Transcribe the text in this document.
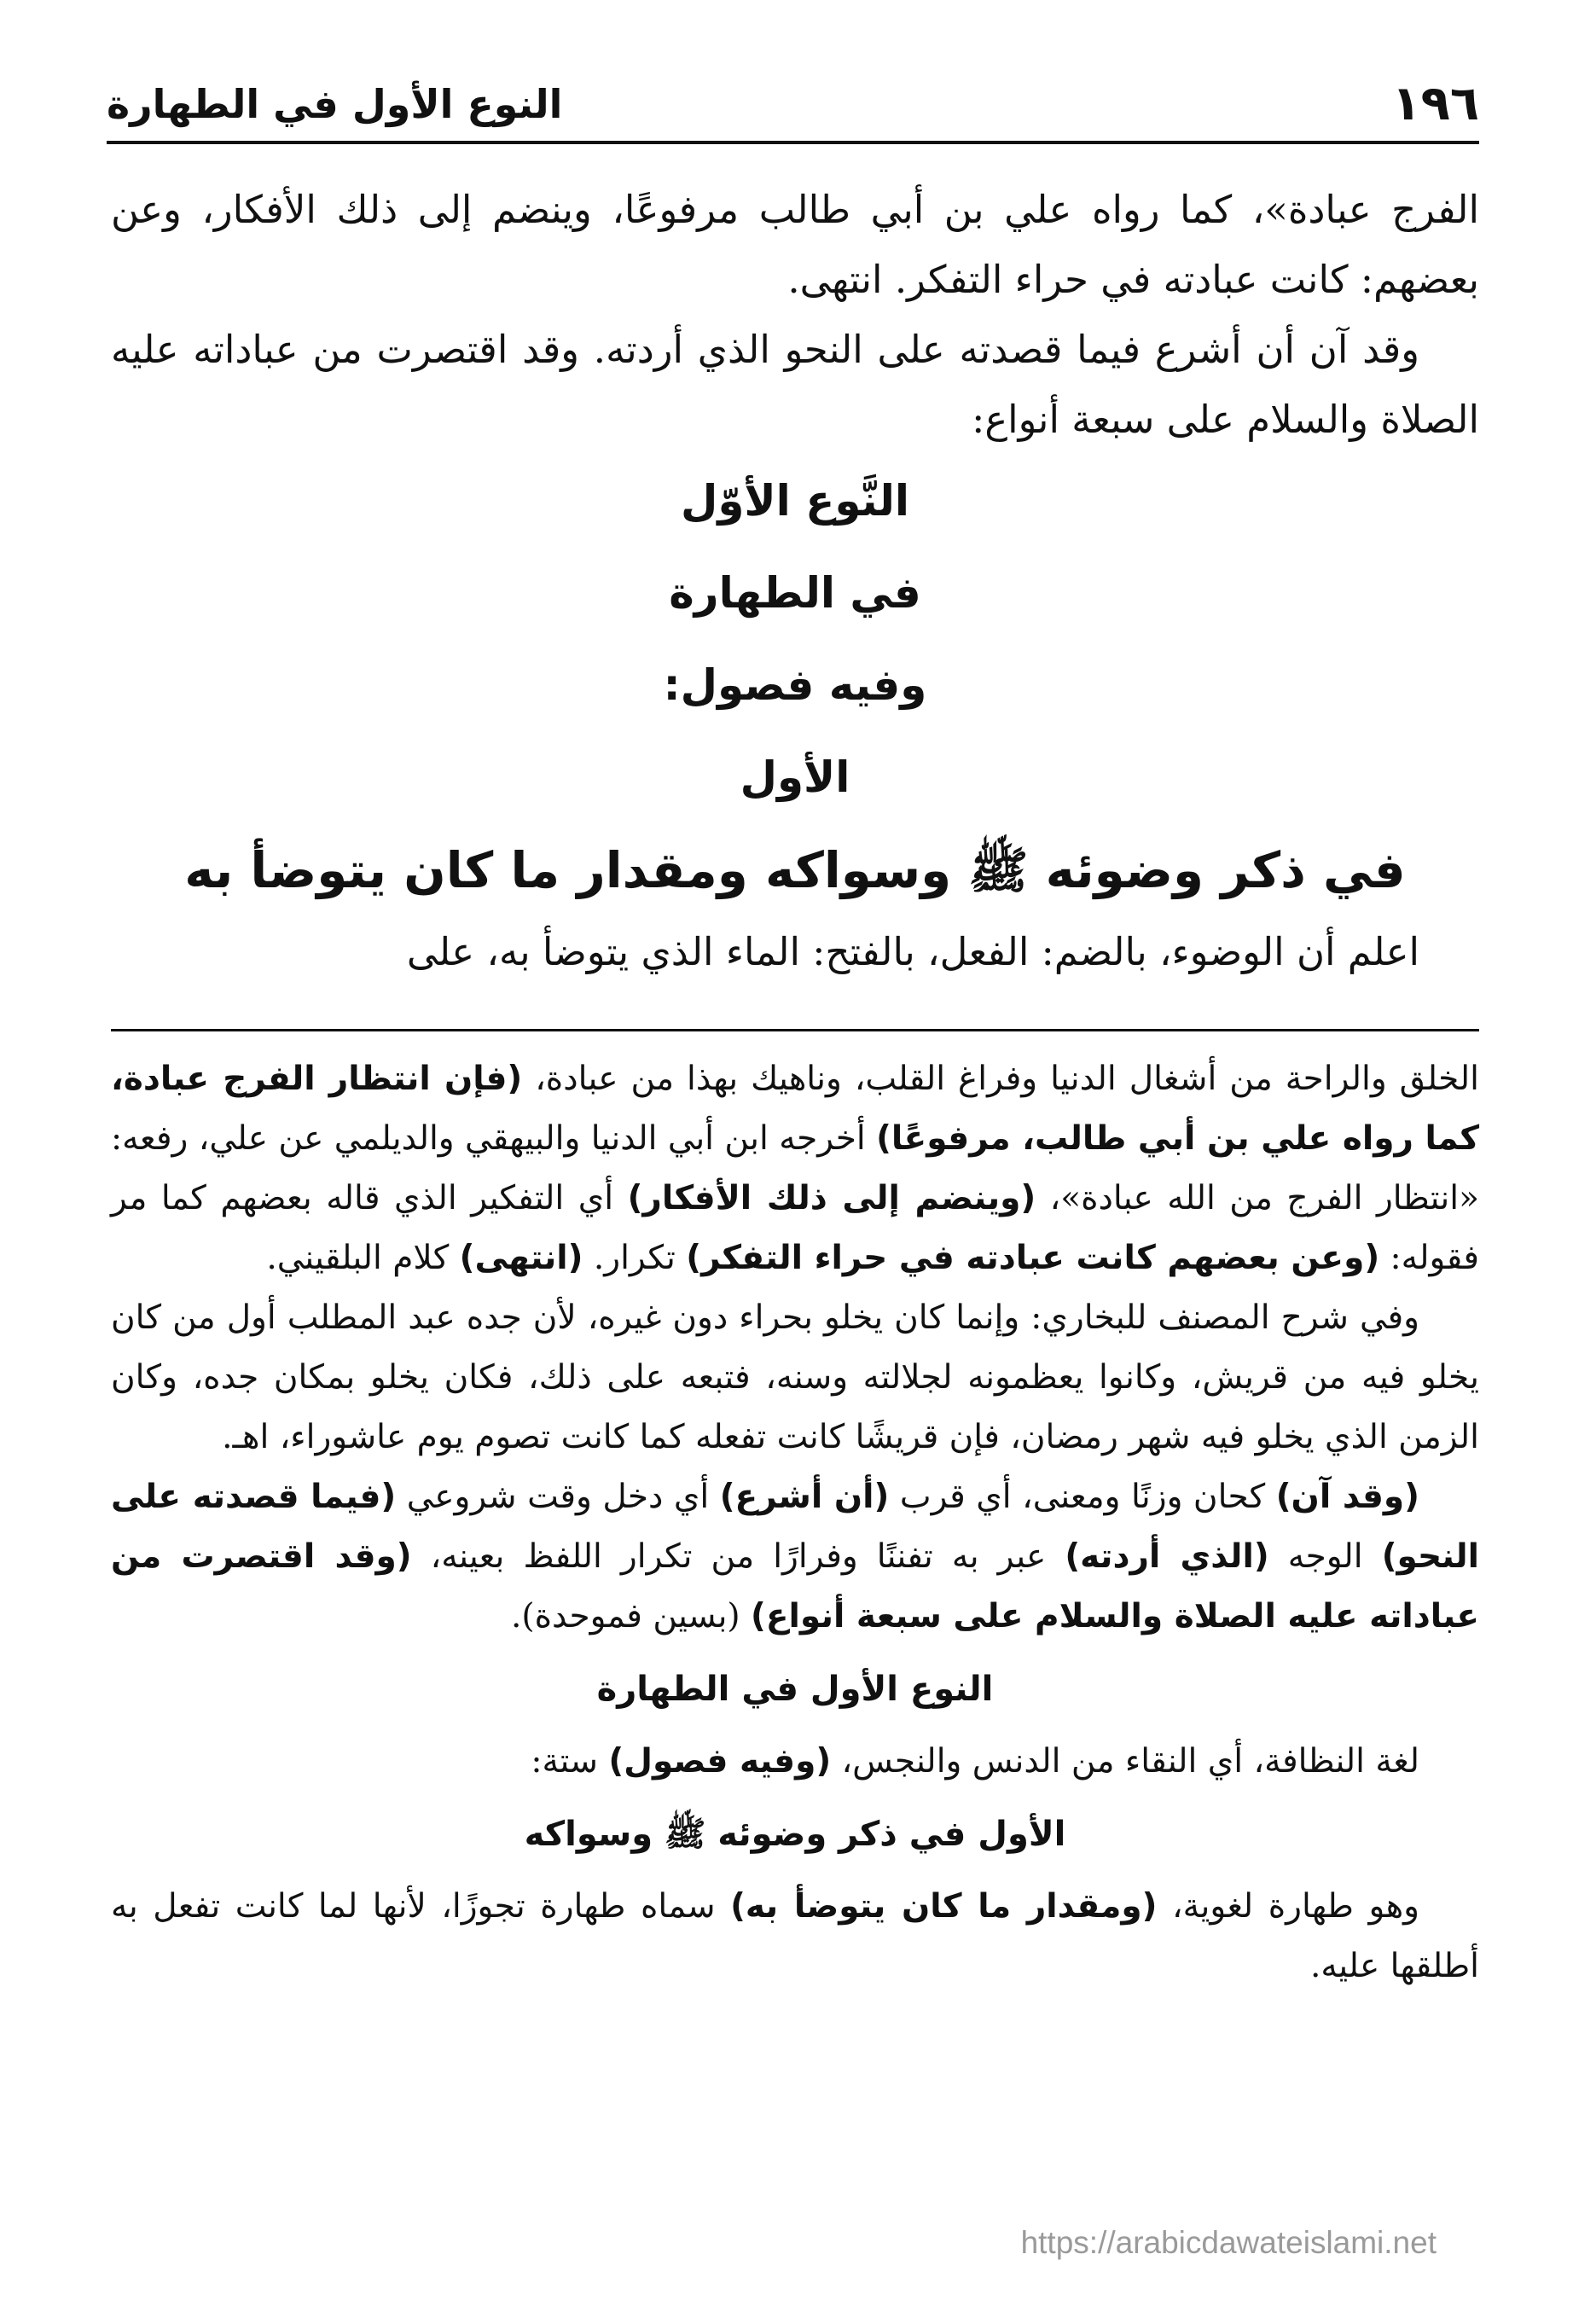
١٩٦
النوع الأول في الطهارة

الفرج عبادة»، كما رواه علي بن أبي طالب مرفوعًا، وينضم إلى ذلك الأفكار، وعن بعضهم: كانت عبادته في حراء التفكر. انتهى.

وقد آن أن أشرع فيما قصدته على النحو الذي أردته. وقد اقتصرت من عباداته عليه الصلاة والسلام على سبعة أنواع:

النَّوع الأوّل

في الطهارة

وفيه فصول:

الأول

في ذكر وضوئه ﷺ وسواكه ومقدار ما كان يتوضأ به

اعلم أن الوضوء، بالضم: الفعل، بالفتح: الماء الذي يتوضأ به، على

الخلق والراحة من أشغال الدنيا وفراغ القلب، وناهيك بهذا من عبادة، (فإن انتظار الفرج عبادة، كما رواه علي بن أبي طالب، مرفوعًا) أخرجه ابن أبي الدنيا والبيهقي والديلمي عن علي، رفعه: «انتظار الفرج من الله عبادة»، (وينضم إلى ذلك الأفكار) أي التفكير الذي قاله بعضهم كما مر فقوله: (وعن بعضهم كانت عبادته في حراء التفكر) تكرار. (انتهى) كلام البلقيني.

وفي شرح المصنف للبخاري: وإنما كان يخلو بحراء دون غيره، لأن جده عبد المطلب أول من كان يخلو فيه من قريش، وكانوا يعظمونه لجلالته وسنه، فتبعه على ذلك، فكان يخلو بمكان جده، وكان الزمن الذي يخلو فيه شهر رمضان، فإن قريشًا كانت تفعله كما كانت تصوم يوم عاشوراء، اهـ.

(وقد آن) كحان وزنًا ومعنى، أي قرب (أن أشرع) أي دخل وقت شروعي (فيما قصدته على النحو) الوجه (الذي أردته) عبر به تفننًا وفرارًا من تكرار اللفظ بعينه، (وقد اقتصرت من عباداته عليه الصلاة والسلام على سبعة أنواع) (بسين فموحدة).

النوع الأول في الطهارة

لغة النظافة، أي النقاء من الدنس والنجس، (وفيه فصول) ستة:

الأول في ذكر وضوئه ﷺ وسواكه

وهو طهارة لغوية، (ومقدار ما كان يتوضأ به) سماه طهارة تجوزًا، لأنها لما كانت تفعل به أطلقها عليه.

https://arabicdawateislami.net
